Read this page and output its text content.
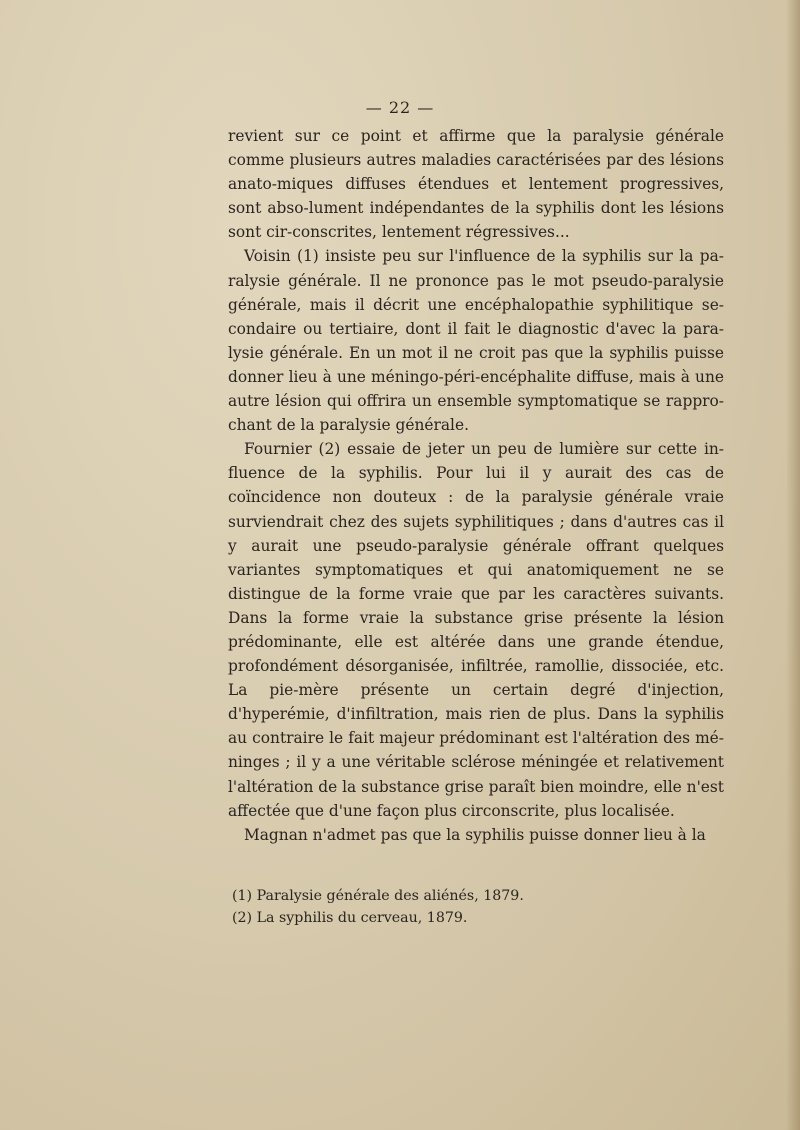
— 22 —

revient sur ce point et affirme que la paralysie générale comme plusieurs autres maladies caractérisées par des lésions anato-miques diffuses étendues et lentement progressives, sont abso-lument indépendantes de la syphilis dont les lésions sont cir-conscrites, lentement régressives...

Voisin (1) insiste peu sur l'influence de la syphilis sur la pa-ralysie générale. Il ne prononce pas le mot pseudo-paralysie générale, mais il décrit une encéphalopathie syphilitique se-condaire ou tertiaire, dont il fait le diagnostic d'avec la para-lysie générale. En un mot il ne croit pas que la syphilis puisse donner lieu à une méningo-péri-encéphalite diffuse, mais à une autre lésion qui offrira un ensemble symptomatique se rappro-chant de la paralysie générale.

Fournier (2) essaie de jeter un peu de lumière sur cette in-fluence de la syphilis. Pour lui il y aurait des cas de coïncidence non douteux : de la paralysie générale vraie surviendrait chez des sujets syphilitiques ; dans d'autres cas il y aurait une pseudo-paralysie générale offrant quelques variantes symptomatiques et qui anatomiquement ne se distingue de la forme vraie que par les caractères suivants. Dans la forme vraie la substance grise présente la lésion prédominante, elle est altérée dans une grande étendue, profondément désorganisée, infiltrée, ramollie, dissociée, etc. La pie-mère présente un certain degré d'injection, d'hyperémie, d'infiltration, mais rien de plus. Dans la syphilis au contraire le fait majeur prédominant est l'altération des mé-ninges ; il y a une véritable sclérose méningée et relativement l'altération de la substance grise paraît bien moindre, elle n'est affectée que d'une façon plus circonscrite, plus localisée.

Magnan n'admet pas que la syphilis puisse donner lieu à la

(1) Paralysie générale des aliénés, 1879.

(2) La syphilis du cerveau, 1879.
